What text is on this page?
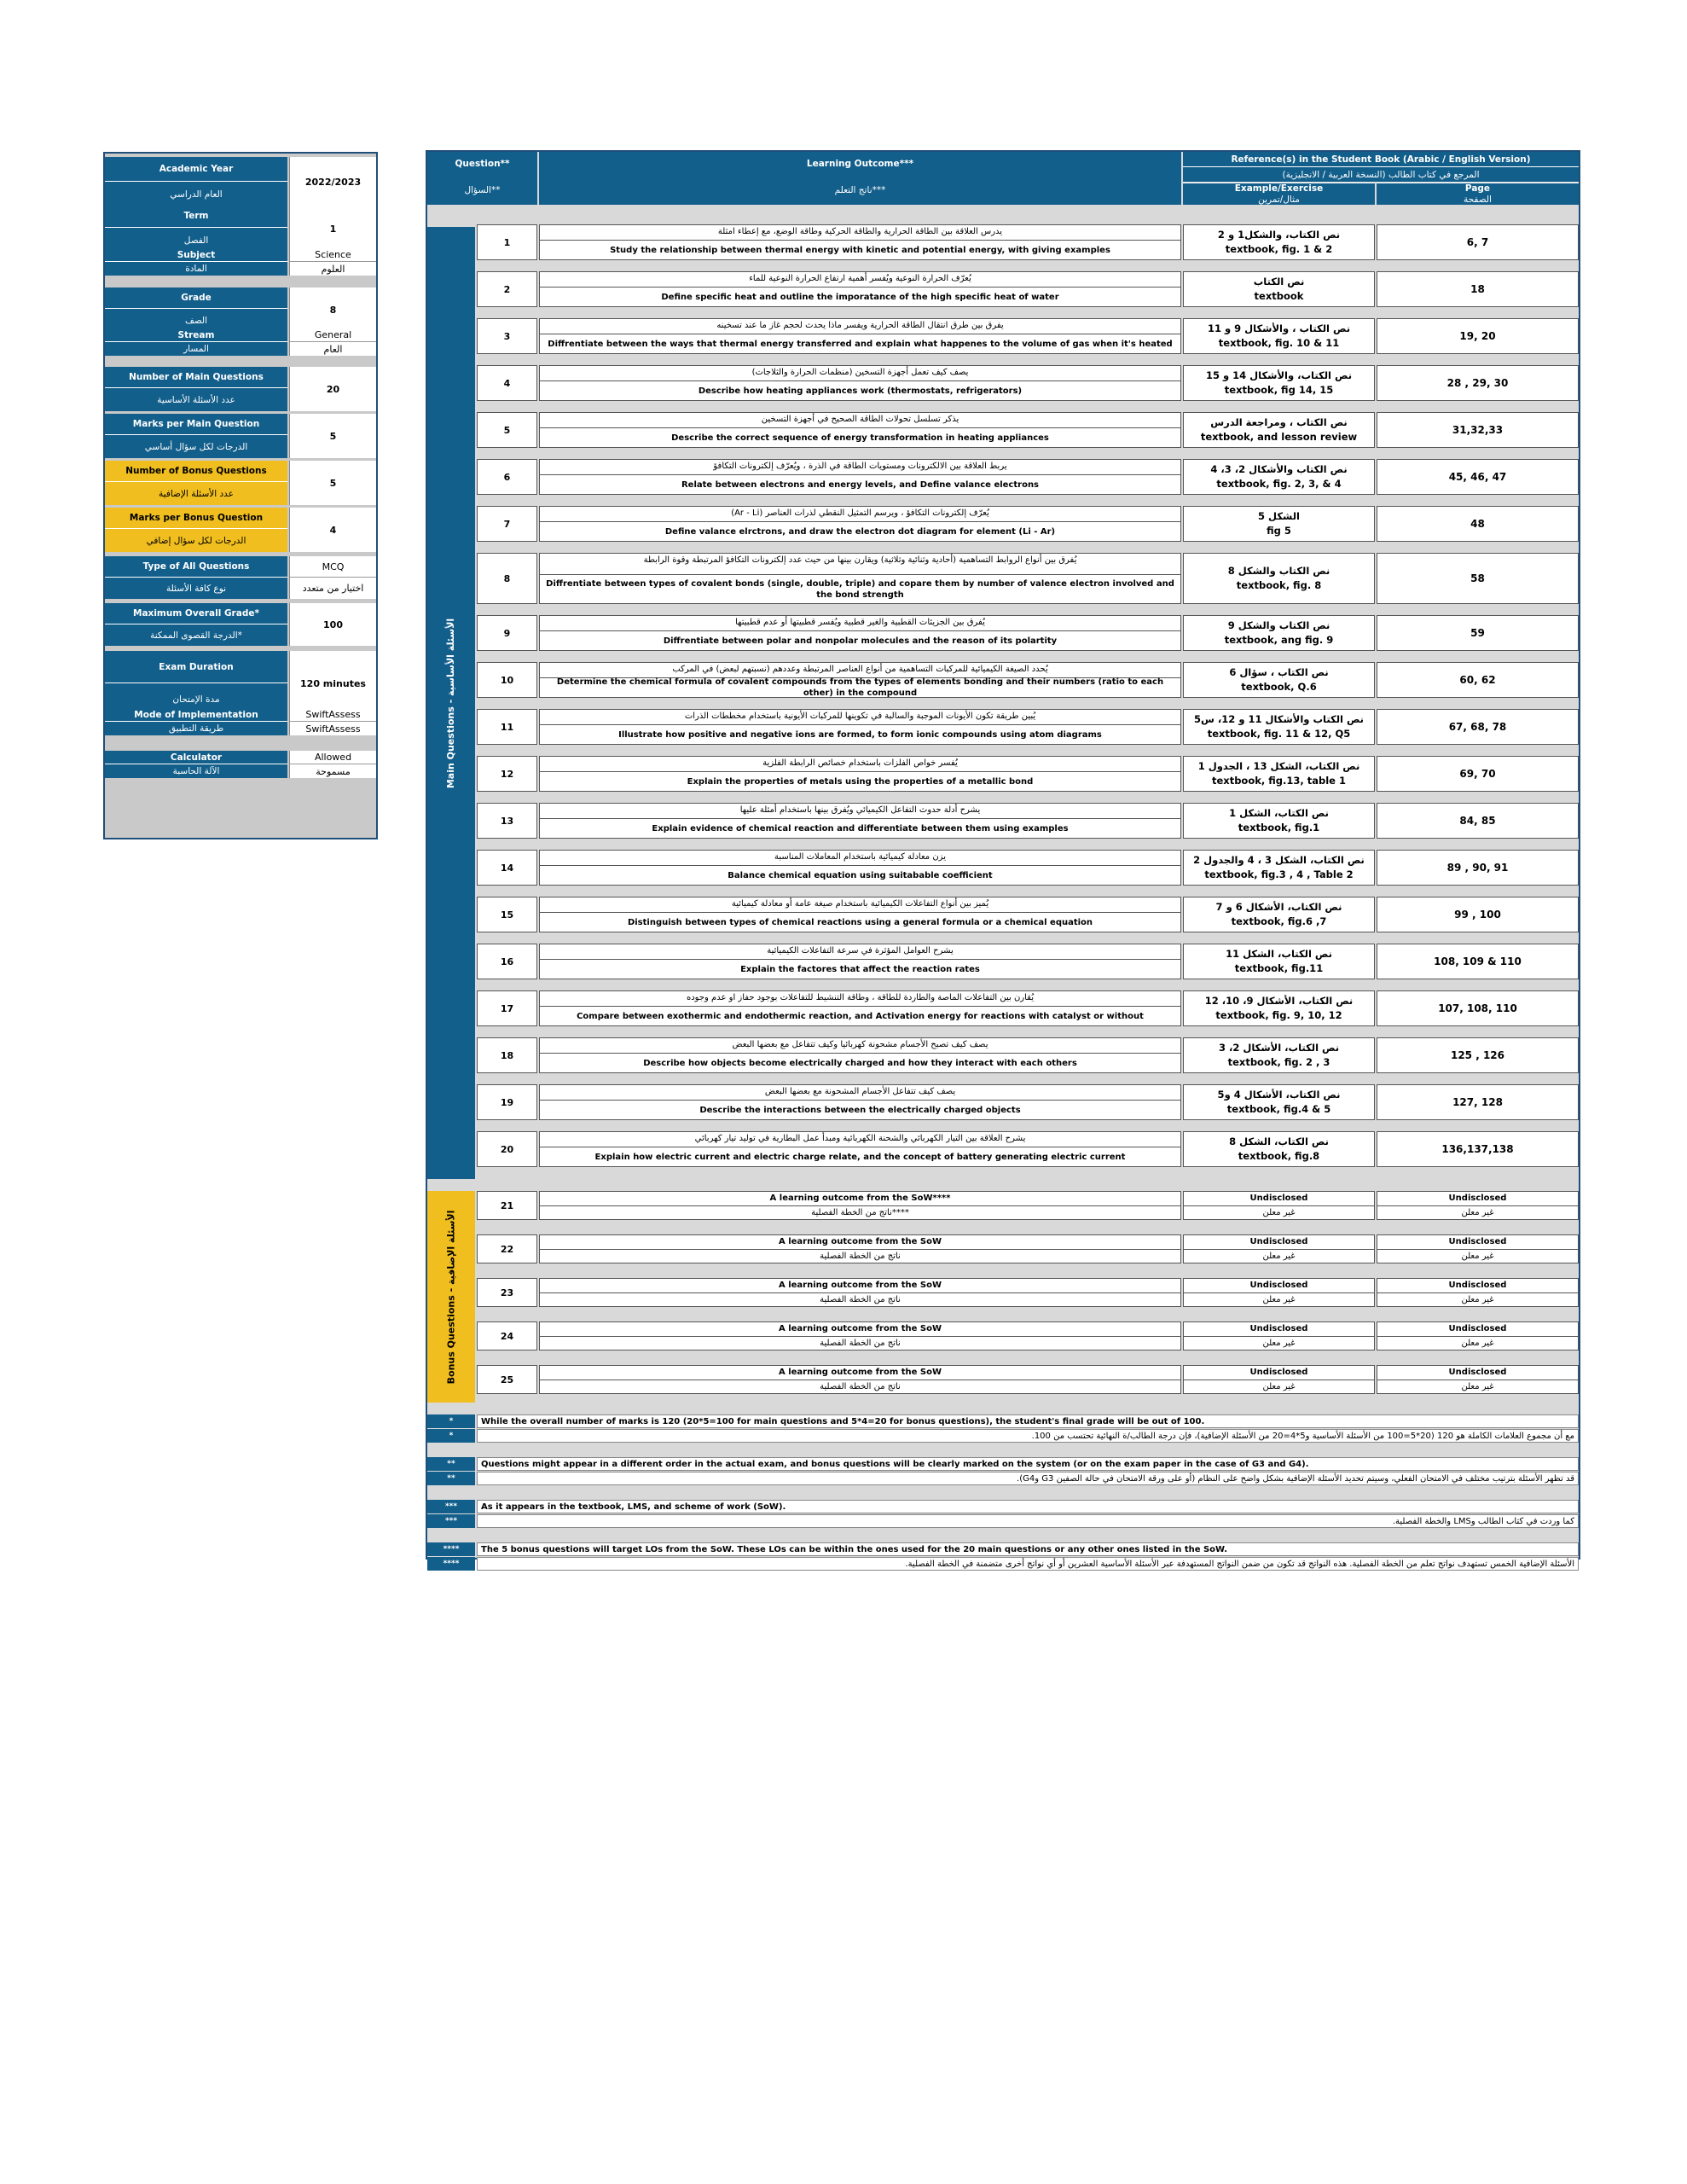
Academic Year
العام الدراسي
2022/2023
Term
الفصل
1
Subject
المادة
Science
العلوم
Grade
الصف
8
Stream
المسار
General
العام
Number of Main Questions
عدد الأسئلة الأساسية
20
Marks per Main Question
الدرجات لكل سؤال أساسي
5
Number of Bonus Questions
عدد الأسئلة الإضافية
5
Marks per Bonus Question
الدرجات لكل سؤال إضافي
4
Type of All Questions
نوع كافة الأسئلة
MCQ
اختيار من متعدد
Maximum Overall Grade*
الدرجة القصوى الممكنة*
100
Exam Duration
مدة الإمتحان
120 minutes
Mode of Implementation
طريقة التطبيق
SwiftAssess
SwiftAssess
Calculator
الآلة الحاسبة
Allowed
مسموحة
Question**
السؤال**
Learning Outcome***
ناتج التعلم***
Reference(s) in the Student Book (Arabic / English Version)
المرجع في كتاب الطالب (النسخة العربية / الانجليزية)
Example/Exercise
مثال/تمرين
Page
الصفحة
Main Questions - الأسئلة الأساسية
Bonus Questions - الأسئلة الإضافية
1
يدرس العلاقة بين الطاقة الحرارية والطاقة الحركية وطاقة الوضع، مع إعطاء امثلة
Study the relationship between thermal energy with kinetic and potential energy, with giving examples
نص الكتاب، والشكل1 و 2
textbook, fig. 1 & 2
6, 7
2
يُعرّف الحرارة النوعية ويُفسر أهمية ارتفاع الحرارة النوعية للماء
Define specific heat and outline the imporatance of the high specific heat of water
نص الكتاب
textbook
18
3
يفرق بين طرق انتقال الطاقة الحرارية ويفسر ماذا يحدث لحجم غاز ما عند تسخينه
Diffrentiate between the ways that thermal energy transferred and explain what happenes to the volume of gas when it's heated
نص الكتاب ، والأشكال 9 و 11
textbook, fig. 10 & 11
19, 20
4
يصف كيف تعمل أجهزة التسخين (منظمات الحرارة والثلاجات)
Describe how heating appliances work (thermostats, refrigerators)
نص الكتاب، والأشكال 14 و 15
textbook, fig 14, 15
28 , 29, 30
5
يذكر تسلسل تحولات الطاقة الصحيح في أجهزة التسخين
Describe the correct sequence of energy transformation in heating appliances
نص الكتاب ، ومراجعة الدرس
textbook, and lesson review
31,32,33
6
يربط العلاقة بين الالكترونات ومستويات الطاقة في الذرة ، ويُعرّف إلكترونات التكافؤ
Relate between electrons and energy levels, and Define valance electrons
نص الكتاب والأشكال 2، 3، 4
textbook, fig. 2, 3, & 4
45, 46, 47
7
يُعرّف إلكترونات التكافؤ ، ويرسم التمثيل النقطي لذرات العناصر (Ar - Li)
Define valance elrctrons, and draw the electron dot diagram for element (Li - Ar)
الشكل 5
fig 5
48
8
يُفرق بين أنواع الروابط التساهمية (أحادية وثنائية وثلاثية) ويقارن بينها من حيث عدد إلكترونات التكافؤ المرتبطة وقوة الرابطة
Diffrentiate between types of covalent bonds (single, double, triple) and copare them by number of valence electron involved and the bond strength
نص الكتاب والشكل 8
textbook, fig. 8
58
9
يُفرق بين الجزيئات القطبية والغير قطبية ويُفسر قطبيتها أو عدم قطبيتها
Diffrentiate between polar and nonpolar molecules and the reason of its polartity
نص الكتاب والشكل 9
textbook, ang fig. 9
59
10
يُحدد الصيغة الكيميائية للمركبات التساهمية من أنواع العناصر المرتبطة وعددهم (نسبتهم لبعض) في المركب
Determine the chemical formula of covalent compounds from the types of elements bonding and their numbers (ratio to each other) in the compound
نص الكتاب ، سؤال 6
textbook, Q.6
60, 62
11
يُبين طريقة تكون الأيونات الموجبة والسالبة في تكوينها للمركبات الأيونية باستخدام مخططات الذرات
Illustrate how positive and negative ions are formed, to form ionic compounds using atom diagrams
نص الكتاب والأشكال 11 و 12، س5
textbook, fig. 11 & 12, Q5
67, 68, 78
12
يُفسر خواص الفلزات باستخدام خصائص الرابطة الفلزية
Explain the properties of metals using the properties of a metallic bond
نص الكتاب، الشكل 13 ، الجدول 1
textbook, fig.13, table 1
69, 70
13
يشرح أدلة حدوث التفاعل الكيميائي ويُفرق بينها باستخدام أمثلة عليها
Explain evidence of chemical reaction and differentiate between them using examples
نص الكتاب، الشكل 1
textbook, fig.1
84, 85
14
يزن معادلة كيميائية باستخدام المعاملات المناسبة
Balance chemical equation using suitabable coefficient
نص الكتاب، الشكل 3 ، 4 والجدول 2
textbook, fig.3 , 4 , Table 2
89 , 90, 91
15
يُميز بين أنواع التفاعلات الكيميائية باستخدام صيغة عامة أو معادلة كيميائية
Distinguish between types of chemical reactions using a general formula or a chemical equation
نص الكتاب، الأشكال 6 و 7
textbook, fig.6 ,7
99 , 100
16
يشرح العوامل المؤثرة في سرعة التفاعلات الكيميائية
Explain the factores that affect the reaction rates
نص الكتاب، الشكل 11
textbook, fig.11
108, 109 & 110
17
يُقارن بين التفاعلات الماصة والطاردة للطاقة ، وطاقة التنشيط للتفاعلات بوجود حفاز او عدم وجوده
Compare between exothermic and endothermic reaction, and Activation energy for reactions with catalyst or without
نص الكتاب، الأشكال 9، 10، 12
textbook, fig. 9, 10, 12
107, 108, 110
18
يصف كيف تصبح الأجسام مشحونة كهربائيا وكيف تتفاعل مع بعضها البعض
Describe how objects become electrically charged and how they interact with each others
نص الكتاب، الأشكال 2، 3
textbook, fig. 2 , 3
125 , 126
19
يصف كيف تتفاعل الأجسام المشحونة مع بعضها البعض
Describe the interactions between the electrically charged objects
نص الكتاب، الأشكال 4 و5
textbook, fig.4 & 5
127, 128
20
يشرح العلاقة بين التيار الكهربائي والشحنة الكهربائية ومبدأ عمل البطارية في توليد تيار كهربائي
Explain how electric current and electric charge relate, and the concept of battery generating electric current
نص الكتاب، الشكل 8
textbook, fig.8
136,137,138
21
A learning outcome from the SoW****
ناتج من الخطة الفصلية****
Undisclosed
غير معلن
Undisclosed
غير معلن
22
A learning outcome from the SoW
ناتج من الخطة الفصلية
Undisclosed
غير معلن
Undisclosed
غير معلن
23
A learning outcome from the SoW
ناتج من الخطة الفصلية
Undisclosed
غير معلن
Undisclosed
غير معلن
24
A learning outcome from the SoW
ناتج من الخطة الفصلية
Undisclosed
غير معلن
Undisclosed
غير معلن
25
A learning outcome from the SoW
ناتج من الخطة الفصلية
Undisclosed
غير معلن
Undisclosed
غير معلن
*
*
While the overall number of marks is 120 (20*5=100 for main questions and 5*4=20 for bonus questions), the student's final grade will be out of 100.
مع أن مجموع العلامات الكاملة هو 120 (20*5=100 من الأسئلة الأساسية و5*4=20 من الأسئلة الإضافية)، فإن درجة الطالب/ة النهائية تحتسب من 100.
**
**
Questions might appear in a different order in the actual exam, and bonus questions will be clearly marked on the system (or on the exam paper in the case of G3 and G4).
قد تظهر الأسئلة بترتيب مختلف في الامتحان الفعلي، وسيتم تحديد الأسئلة الإضافية بشكل واضح على النظام (أو على ورقة الامتحان في حالة الصفين G3 وG4).
***
***
As it appears in the textbook, LMS, and scheme of work (SoW).
كما وردت في كتاب الطالب وLMS والخطة الفصلية.
****
****
The 5 bonus questions will target LOs from the SoW. These LOs can be within the ones used for the 20 main questions or any other ones listed in the SoW.
الأسئلة الإضافية الخمس تستهدف نواتج تعلم من الخطة الفصلية. هذه النواتج قد تكون من ضمن النواتج المستهدفة عبر الأسئلة الأساسية العشرين أو أي نواتج أخرى متضمنة في الخطة الفصلية.
